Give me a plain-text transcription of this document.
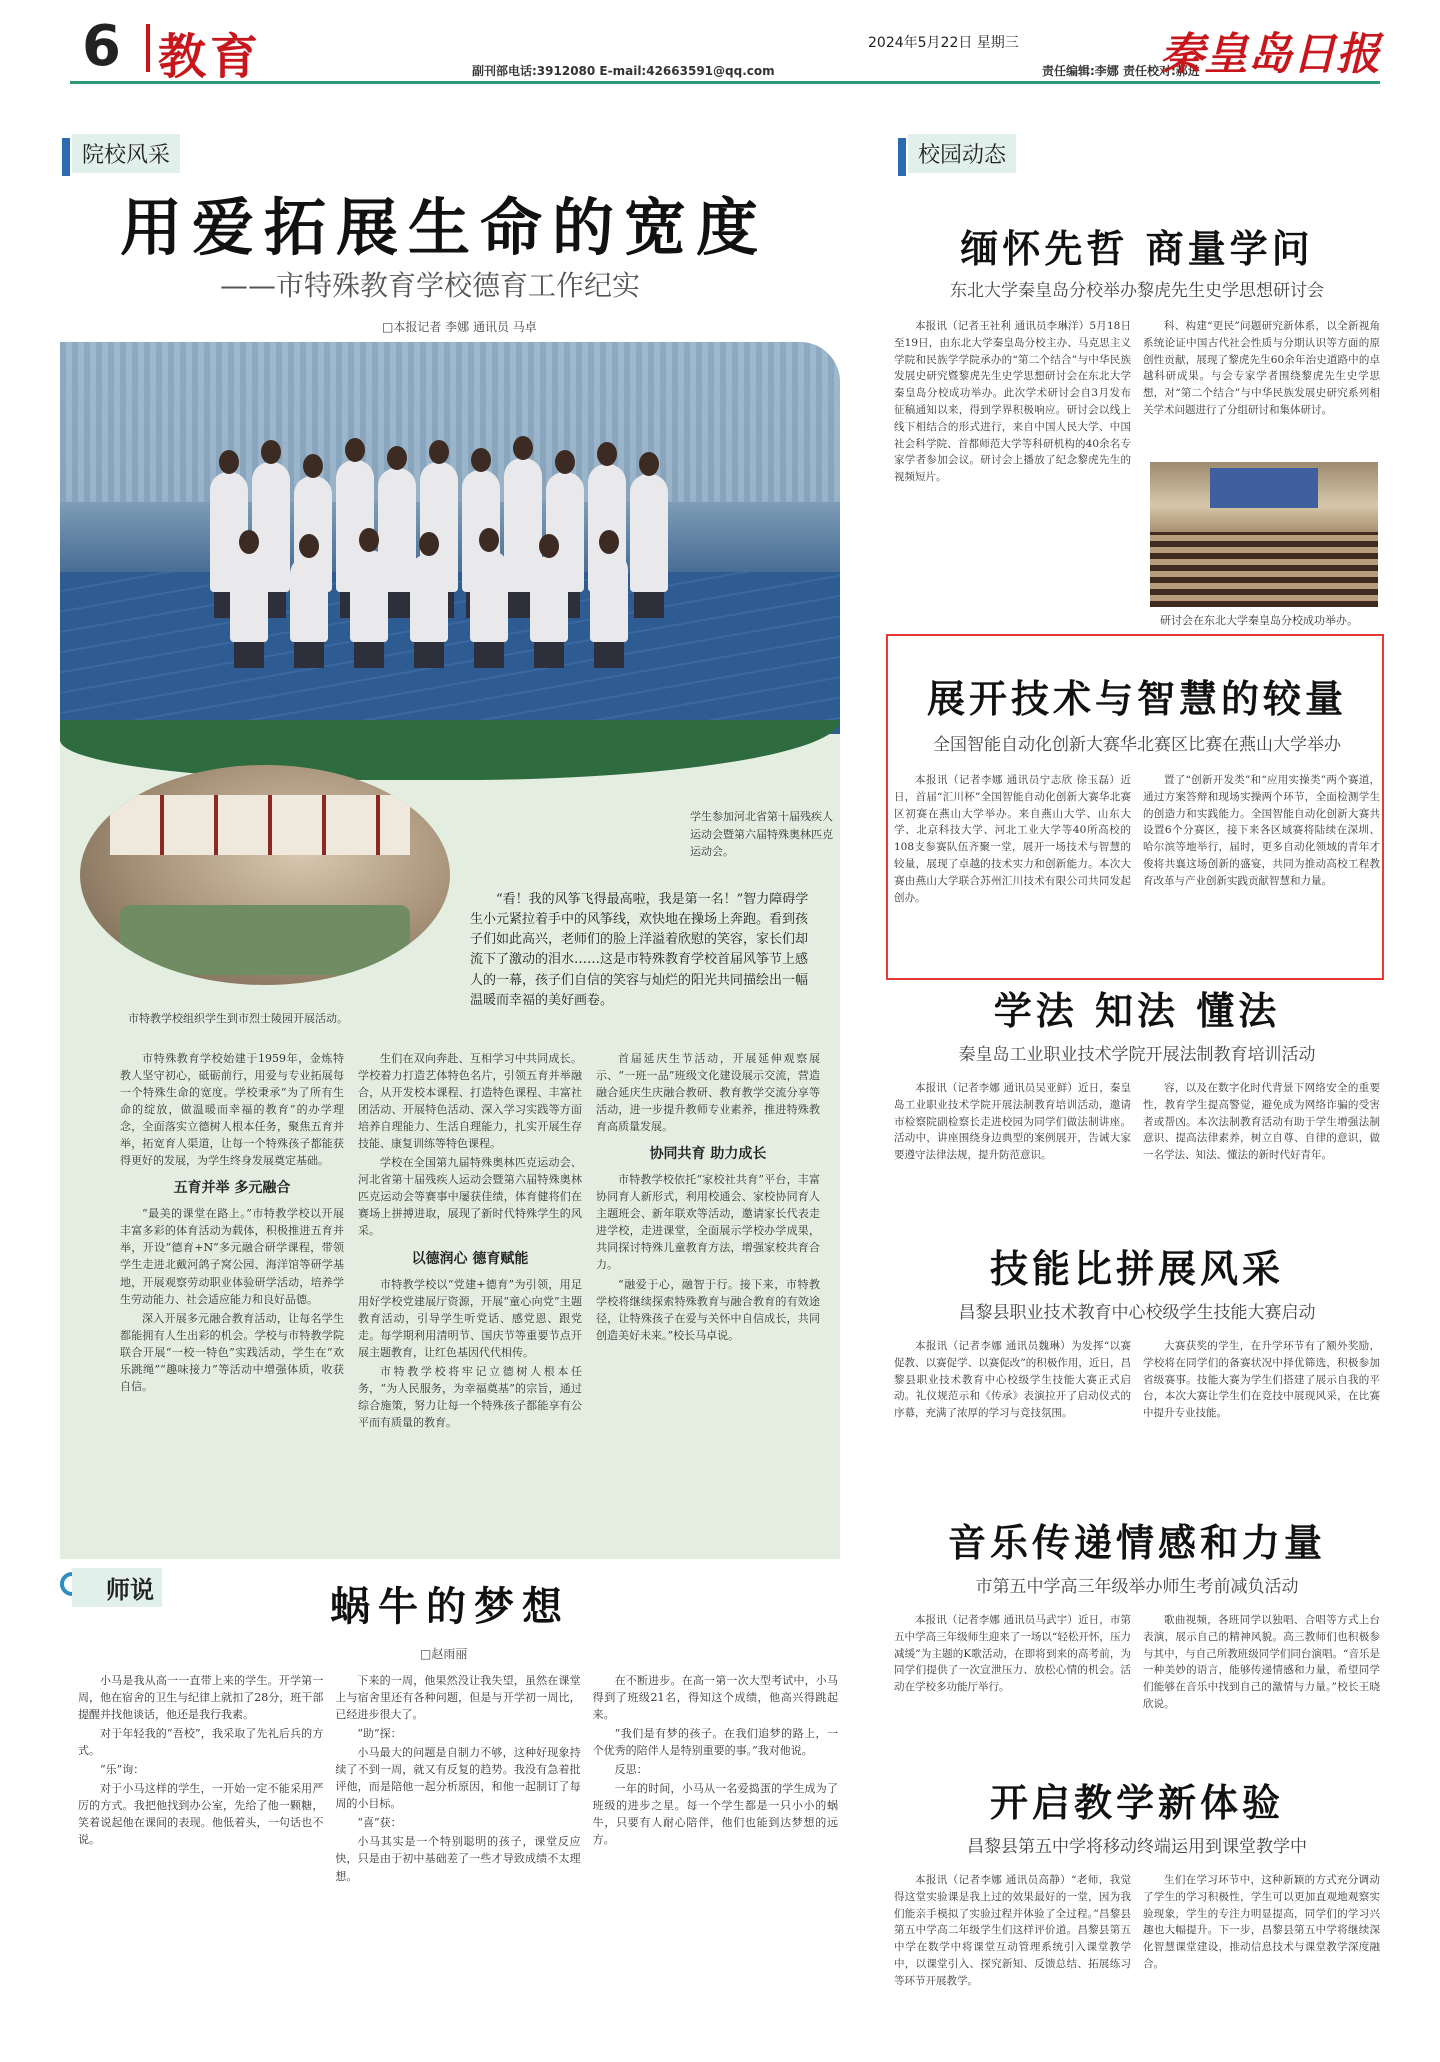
6 教育	2024年5月22日 星期三
副刊部电话:3912080 E-mail:42663591@qq.com	责任编辑:李娜 责任校对:郝进
秦皇岛日报
院校风采
用爱拓展生命的宽度
——市特殊教育学校德育工作纪实
□本报记者 李娜 通讯员 马卓
学生参加河北省第十届残疾人运动会暨第六届特殊奥林匹克运动会。
市特教学校组织学生到市烈士陵园开展活动。
“看！我的风筝飞得最高啦，我是第一名！”智力障碍学生小元紧拉着手中的风筝线，欢快地在操场上奔跑。看到孩子们如此高兴，老师们的脸上洋溢着欣慰的笑容，家长们却流下了激动的泪水……这是市特殊教育学校首届风筝节上感人的一幕，孩子们自信的笑容与灿烂的阳光共同描绘出一幅温暖而幸福的美好画卷。

市特殊教育学校始建于1959年，金炼特教人坚守初心，砥砺前行，用爱与专业拓展每一个特殊生命的宽度。学校秉承“为了所有生命的绽放，做温暖而幸福的教育”的办学理念，全面落实立德树人根本任务，聚焦五育并举，拓宽育人渠道，让每一个特殊孩子都能获得更好的发展，为学生终身发展奠定基础。

五育并举 多元融合

“最美的课堂在路上。”市特教学校以开展丰富多彩的体育活动为载体，积极推进五育并举，开设“德育+N”多元融合研学课程，带领学生走进北戴河鸽子窝公园、海洋馆等研学基地，开展观察劳动职业体验研学活动，培养学生劳动能力、社会适应能力和良好品德。

深入开展多元融合教育活动，让每名学生都能拥有人生出彩的机会。学校与市特教学院联合开展“一校一特色”实践活动，学生在“欢乐跳绳”“趣味接力”等活动中增强体质，收获自信。

生们在双向奔赴、互相学习中共同成长。学校着力打造艺体特色名片，引领五育并举融合，从开发校本课程、打造特色课程、丰富社团活动、开展特色活动、深入学习实践等方面培养自理能力、生活自理能力，扎实开展生存技能、康复训练等特色课程。

学校在全国第九届特殊奥林匹克运动会、河北省第十届残疾人运动会暨第六届特殊奥林匹克运动会等赛事中屡获佳绩，体育健将们在赛场上拼搏进取，展现了新时代特殊学生的风采。

以德润心 德育赋能

市特教学校以“党建+德育”为引领，用足用好学校党建展厅资源，开展“童心向党”主题教育活动，引导学生听党话、感党恩、跟党走。每学期利用清明节、国庆节等重要节点开展主题教育，让红色基因代代相传。

市特教学校将牢记立德树人根本任务，“为人民服务，为幸福奠基”的宗旨，通过综合施策，努力让每一个特殊孩子都能享有公平而有质量的教育。

首届延庆生节活动，开展延伸观察展示、“一班一品”班级文化建设展示交流，营造融合延庆生庆融合教研、教育教学交流分享等活动，进一步提升教师专业素养，推进特殊教育高质量发展。

协同共育 助力成长

市特教学校依托“家校社共育”平台，丰富协同育人新形式，利用校通会、家校协同育人主题班会、新年联欢等活动，邀请家长代表走进学校，走进课堂，全面展示学校办学成果，共同探讨特殊儿童教育方法，增强家校共育合力。

“融爱于心，融智于行。接下来，市特教学校将继续探索特殊教育与融合教育的有效途径，让特殊孩子在爱与关怀中自信成长，共同创造美好未来。”校长马卓说。

师说	蜗牛的梦想
□赵雨丽

小马是我从高一一直带上来的学生。开学第一周，他在宿舍的卫生与纪律上就扣了28分，班干部提醒并找他谈话，他还是我行我素。

对于年轻我的“吾校”，我采取了先礼后兵的方式。

“乐”询：

对于小马这样的学生，一开始一定不能采用严厉的方式。我把他找到办公室，先给了他一颗糖，笑着说起他在课间的表现。他低着头，一句话也不说。

下来的一周，他果然没让我失望，虽然在课堂上与宿舍里还有各种问题，但是与开学初一周比，已经进步很大了。

“助”探：

小马最大的问题是自制力不够，这种好现象持续了不到一周，就又有反复的趋势。我没有急着批评他，而是陪他一起分析原因，和他一起制订了每周的小目标。

“喜”获：

小马其实是一个特别聪明的孩子，课堂反应快，只是由于初中基础差了一些才导致成绩不太理想。

在不断进步。在高一第一次大型考试中，小马得到了班级21名，得知这个成绩，他高兴得跳起来。

“我们是有梦的孩子。在我们追梦的路上，一个优秀的陪伴人是特别重要的事。”我对他说。

反思：

一年的时间，小马从一名爱捣蛋的学生成为了班级的进步之星。每一个学生都是一只小小的蜗牛，只要有人耐心陪伴，他们也能到达梦想的远方。

校园动态
缅怀先哲 商量学问
东北大学秦皇岛分校举办黎虎先生史学思想研讨会

本报讯（记者王社利 通讯员李琳洋）5月18日至19日，由东北大学秦皇岛分校主办、马克思主义学院和民族学学院承办的“第二个结合”与中华民族发展史研究暨黎虎先生史学思想研讨会在东北大学秦皇岛分校成功举办。此次学术研讨会自3月发布征稿通知以来，得到学界积极响应。研讨会以线上线下相结合的形式进行，来自中国人民大学、中国社会科学院、首都师范大学等科研机构的40余名专家学者参加会议。研讨会上播放了纪念黎虎先生的视频短片。

科、构建“更民”问题研究新体系，以全新视角系统论证中国古代社会性质与分期认识等方面的原创性贡献，展现了黎虎先生60余年治史道路中的卓越科研成果。与会专家学者围绕黎虎先生史学思想，对“第二个结合”与中华民族发展史研究系列相关学术问题进行了分组研讨和集体研讨。

研讨会在东北大学秦皇岛分校成功举办。
展开技术与智慧的较量
全国智能自动化创新大赛华北赛区比赛在燕山大学举办

本报讯（记者李娜 通讯员宁志欣 徐玉磊）近日，首届“汇川杯”全国智能自动化创新大赛华北赛区初赛在燕山大学举办。来自燕山大学、山东大学、北京科技大学、河北工业大学等40所高校的108支参赛队伍齐聚一堂，展开一场技术与智慧的较量，展现了卓越的技术实力和创新能力。本次大赛由燕山大学联合苏州汇川技术有限公司共同发起创办。

置了“创新开发类”和“应用实操类”两个赛道，通过方案答辩和现场实操两个环节，全面检测学生的创造力和实践能力。全国智能自动化创新大赛共设置6个分赛区，接下来各区域赛将陆续在深圳、哈尔滨等地举行，届时，更多自动化领域的青年才俊将共襄这场创新的盛宴，共同为推动高校工程教育改革与产业创新实践贡献智慧和力量。

学法 知法 懂法
秦皇岛工业职业技术学院开展法制教育培训活动

本报讯（记者李娜 通讯员吴亚鲜）近日，秦皇岛工业职业技术学院开展法制教育培训活动，邀请市检察院副检察长走进校园为同学们做法制讲座。活动中，讲座围绕身边典型的案例展开，告诫大家要遵守法律法规，提升防范意识。

容，以及在数字化时代背景下网络安全的重要性，教育学生提高警觉，避免成为网络诈骗的受害者或帮凶。本次法制教育活动有助于学生增强法制意识、提高法律素养，树立自尊、自律的意识，做一名学法、知法、懂法的新时代好青年。

技能比拼展风采
昌黎县职业技术教育中心校级学生技能大赛启动

本报讯（记者李娜 通讯员魏琳）为发挥“以赛促教、以赛促学、以赛促改”的积极作用，近日，昌黎县职业技术教育中心校级学生技能大赛正式启动。礼仪规范示和《传承》表演拉开了启动仪式的序幕，充满了浓厚的学习与竞技氛围。

大赛获奖的学生，在升学环节有了额外奖励，学校将在同学们的备赛状况中择优筛选，积极参加省级赛事。技能大赛为学生们搭建了展示自我的平台，本次大赛让学生们在竞技中展现风采，在比赛中提升专业技能。

音乐传递情感和力量
市第五中学高三年级举办师生考前减负活动

本报讯（记者李娜 通讯员马武宇）近日，市第五中学高三年级师生迎来了一场以“轻松开怀，压力减缓”为主题的K歌活动，在即将到来的高考前，为同学们提供了一次宣泄压力、放松心情的机会。活动在学校多功能厅举行。

歌曲视频，各班同学以独唱、合唱等方式上台表演，展示自己的精神风貌。高三教师们也积极参与其中，与自己所教班级同学们同台演唱。“音乐是一种美妙的语言，能够传递情感和力量，希望同学们能够在音乐中找到自己的激情与力量。”校长王晓欣说。

开启教学新体验
昌黎县第五中学将移动终端运用到课堂教学中

本报讯（记者李娜 通讯员高静）“老师，我觉得这堂实验课是我上过的效果最好的一堂，因为我们能亲手模拟了实验过程并体验了全过程。”昌黎县第五中学高二年级学生们这样评价道。昌黎县第五中学在数学中将课堂互动管理系统引入课堂教学中，以课堂引入、探究新知、反馈总结、拓展练习等环节开展教学。

生们在学习环节中，这种新颖的方式充分调动了学生的学习积极性，学生可以更加直观地观察实验现象，学生的专注力明显提高，同学们的学习兴趣也大幅提升。下一步，昌黎县第五中学将继续深化智慧课堂建设，推动信息技术与课堂教学深度融合。
